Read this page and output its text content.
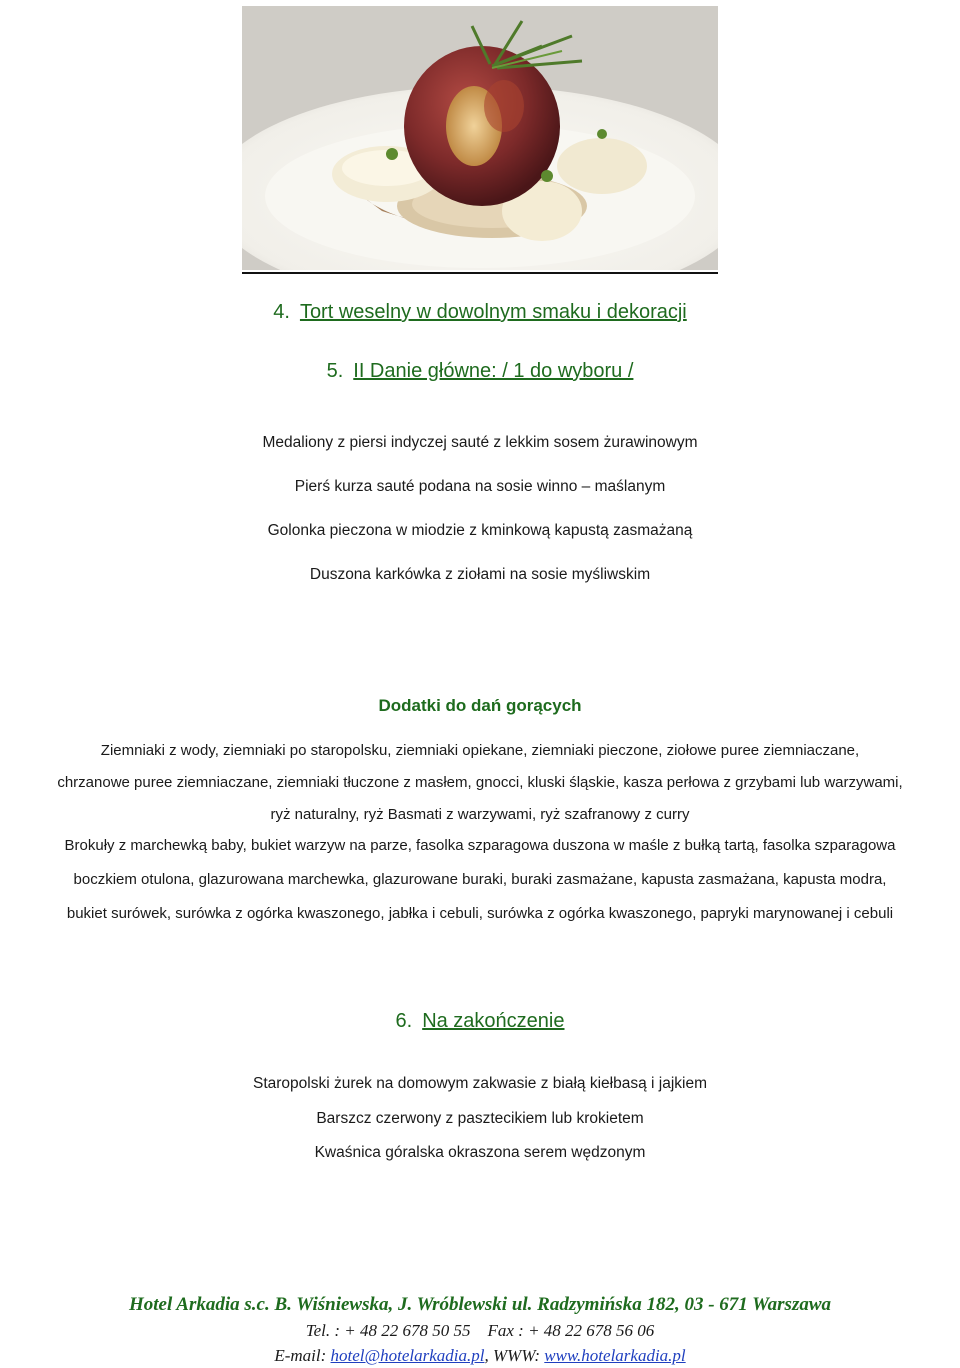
4. Tort weselny w dowolnym smaku i dekoracji
5. II Danie główne: / 1 do wyboru /
Medaliony z piersi indyczej sauté z lekkim sosem żurawinowym
Pierś kurza sauté podana na sosie winno – maślanym
Golonka pieczona w miodzie z kminkową kapustą zasmażaną
Duszona karkówka z ziołami na sosie myśliwskim
Dodatki do dań gorących
Ziemniaki z wody, ziemniaki po staropolsku, ziemniaki opiekane, ziemniaki pieczone, ziołowe puree ziemniaczane,
chrzanowe puree ziemniaczane, ziemniaki tłuczone z masłem, gnocci, kluski śląskie, kasza perłowa z grzybami lub warzywami,
ryż naturalny, ryż Basmati z warzywami, ryż szafranowy z curry
Brokuły z marchewką baby, bukiet warzyw na parze, fasolka szparagowa duszona w maśle z bułką tartą, fasolka szparagowa
boczkiem otulona, glazurowana marchewka, glazurowane buraki, buraki zasmażane, kapusta zasmażana, kapusta modra,
bukiet surówek, surówka z ogórka kwaszonego, jabłka i cebuli, surówka z ogórka kwaszonego, papryki marynowanej i cebuli
6. Na zakończenie
Staropolski żurek na domowym zakwasie z białą kiełbasą i jajkiem
Barszcz czerwony z pasztecikiem lub krokietem
Kwaśnica góralska okraszona serem wędzonym
Hotel Arkadia s.c. B. Wiśniewska, J. Wróblewski ul. Radzymińska 182, 03 - 671 Warszawa
Tel. : + 48 22 678 50 55 Fax : + 48 22 678 56 06
E-mail: hotel@hotelarkadia.pl, WWW: www.hotelarkadia.pl
